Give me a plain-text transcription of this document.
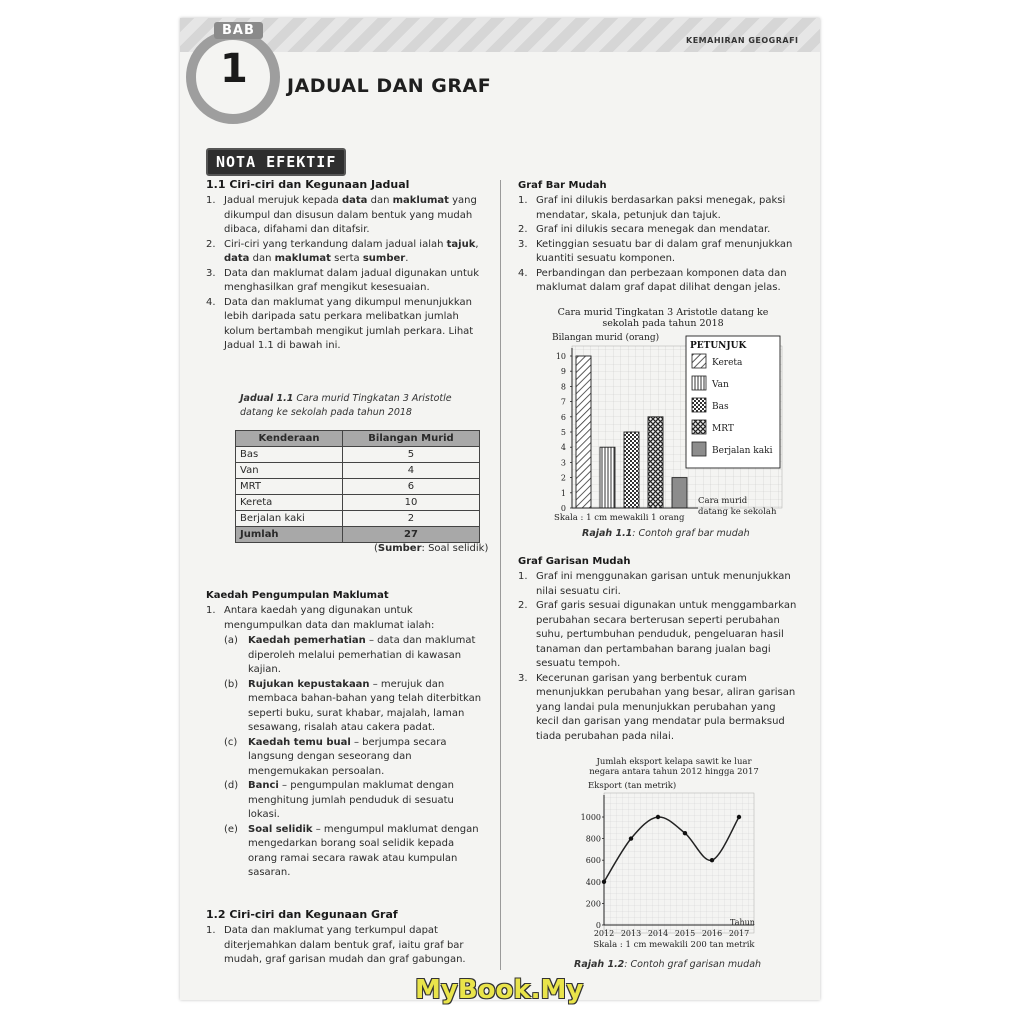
BAB
1 JADUAL DAN GRAF
KEMAHIRAN GEOGRAFI
NOTA EFEKTIF
1.1 Ciri-ciri dan Kegunaan Jadual
1. Jadual merujuk kepada data dan maklumat yang dikumpul dan disusun dalam bentuk yang mudah dibaca, difahami dan ditafsir.
2. Ciri-ciri yang terkandung dalam jadual ialah tajuk, data dan maklumat serta sumber.
3. Data dan maklumat dalam jadual digunakan untuk menghasilkan graf mengikut kesesuaian.
4. Data dan maklumat yang dikumpul menunjukkan lebih daripada satu perkara melibatkan jumlah kolum bertambah mengikut jumlah perkara. Lihat Jadual 1.1 di bawah ini.
Jadual 1.1 Cara murid Tingkatan 3 Aristotle datang ke sekolah pada tahun 2018
Kenderaan	Bilangan Murid
Bas	5
Van	4
MRT	6
Kereta	10
Berjalan kaki	2
Jumlah	27
(Sumber: Soal selidik)
Kaedah Pengumpulan Maklumat
1. Antara kaedah yang digunakan untuk mengumpulkan data dan maklumat ialah:
(a)	Kaedah pemerhatian – data dan maklumat diperoleh melalui pemerhatian di kawasan kajian.
(b) Rujukan kepustakaan – merujuk dan membaca bahan-bahan yang telah diterbitkan seperti buku, surat khabar, majalah, laman sesawang, risalah atau cakera padat.
(c)	Kaedah temu bual – berjumpa secara langsung dengan seseorang dan mengemukakan persoalan.
(d) Banci – pengumpulan maklumat dengan menghitung jumlah penduduk di sesuatu lokasi.
(e)	Soal selidik – mengumpul maklumat dengan mengedarkan borang soal selidik kepada orang ramai secara rawak atau kumpulan sasaran.
1.2 Ciri-ciri dan Kegunaan Graf
1. Data dan maklumat yang terkumpul dapat diterjemahkan dalam bentuk graf, iaitu graf bar mudah, graf garisan mudah dan graf gabungan.
Graf Bar Mudah
1. Graf ini dilukis berdasarkan paksi menegak, paksi mendatar, skala, petunjuk dan tajuk.
2. Graf ini dilukis secara menegak dan mendatar.
3. Ketinggian sesuatu bar di dalam graf menunjukkan kuantiti sesuatu komponen.
4. Perbandingan dan perbezaan komponen data dan maklumat dalam graf dapat dilihat dengan jelas.
Cara murid Tingkatan 3 Aristotle datang ke
sekolah pada tahun 2018
Bilangan murid (orang)
0
1
2
3
4
5
6
7
8
9
10
PETUNJUK
Kereta
Van
Bas
MRT
Berjalan kaki
Cara murid
datang ke sekolah
Skala : 1 cm mewakili 1 orang
Rajah 1.1: Contoh graf bar mudah
Graf Garisan Mudah
1. Graf ini menggunakan garisan untuk menunjukkan nilai sesuatu ciri.
2. Graf garis sesuai digunakan untuk menggambarkan perubahan secara berterusan seperti perubahan suhu, pertumbuhan penduduk, pengeluaran hasil tanaman dan pertambahan barang jualan bagi sesuatu tempoh.
3. Kecerunan garisan yang berbentuk curam menunjukkan perubahan yang besar, aliran garisan yang landai pula menunjukkan perubahan yang kecil dan garisan yang mendatar pula bermaksud tiada perubahan pada nilai.
Jumlah eksport kelapa sawit ke luar
negara antara tahun 2012 hingga 2017
Eksport (tan metrik)
0
200
400
600
800
1000
2012 2013 2014 2015 2016 2017
Tahun
Skala : 1 cm mewakili 200 tan metrik
Rajah 1.2: Contoh graf garisan mudah
MyBook.My
